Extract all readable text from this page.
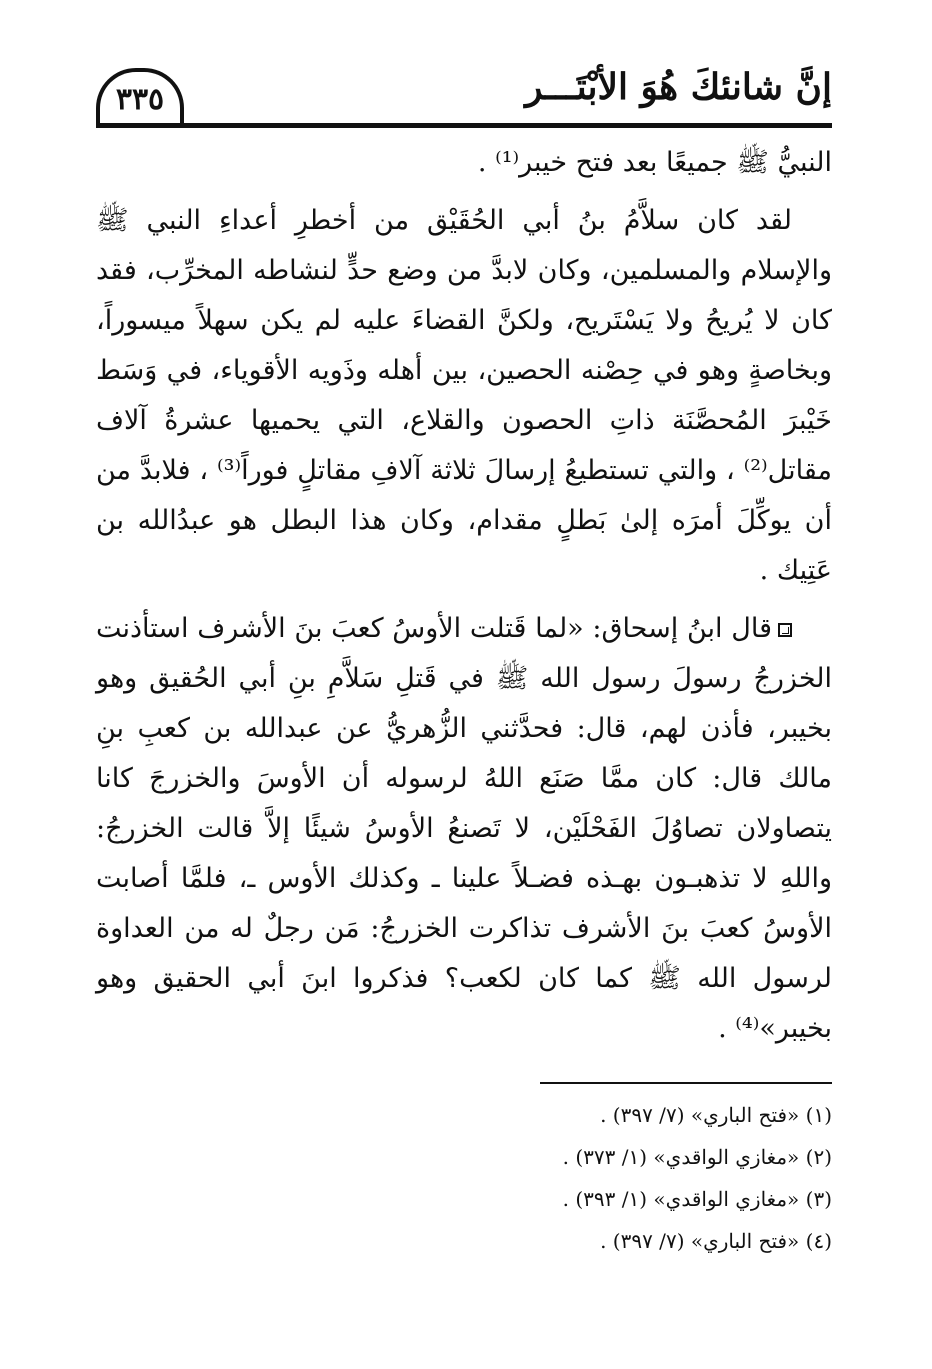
إنَّ شانئكَ هُوَ الأبْتَـــر
٣٣٥

النبيُّ ﷺ جميعًا بعد فتح خيبر⁽¹⁾ .

لقد كان سلاَّمُ بنُ أبي الحُقَيْق من أخطرِ أعداءِ النبي ﷺ والإسلام والمسلمين، وكان لابدَّ من وضع حدٍّ لنشاطه المخرِّب، فقد كان لا يُريحُ ولا يَسْتَريح، ولكنَّ القضاءَ عليه لم يكن سهلاً ميسوراً، وبخاصةٍ وهو في حِصْنه الحصين، بين أهله وذَويه الأقوياء، في وَسَط خَيْبرَ المُحصَّنَة ذاتِ الحصون والقلاع، التي يحميها عشرةُ آلاف مقاتل⁽²⁾ ، والتي تستطيعُ إرسالَ ثلاثة آلافِ مقاتلٍ فوراً⁽³⁾ ، فلابدَّ من أن يوكِّلَ أمرَه إلىٰ بَطلٍ مقدام، وكان هذا البطل هو عبدُالله بن عَتِيك .

قال ابنُ إسحاق: «لما قَتلت الأوسُ كعبَ بنَ الأشرف استأذنت الخزرجُ رسولَ رسول الله ﷺ في قَتلِ سَلاَّمِ بنِ أبي الحُقيق وهو بخيبر، فأذن لهم، قال: فحدَّثني الزُّهريُّ عن عبدالله بن كعبِ بنِ مالك قال: كان ممَّا صَنَع اللهُ لرسوله أن الأوسَ والخزرجَ كانا يتصاولان تصاوُلَ الفَحْلَيْن، لا تَصنعُ الأوسُ شيئًا إلاَّ قالت الخزرجُ: واللهِ لا تذهبـون بهـذه فضـلاً علينا ـ وكذلك الأوس ـ، فلمَّا أصابت الأوسُ كعبَ بنَ الأشرف تذاكرت الخزرجُ: مَن رجلٌ له من العداوة لرسول الله ﷺ كما كان لكعب؟ فذكروا ابنَ أبي الحقيق وهو بخيبر»⁽⁴⁾ .

(١) «فتح الباري» (٧/ ٣٩٧) .

(٢) «مغازي الواقدي» (١/ ٣٧٣) .

(٣) «مغازي الواقدي» (١/ ٣٩٣) .

(٤) «فتح الباري» (٧/ ٣٩٧) .
